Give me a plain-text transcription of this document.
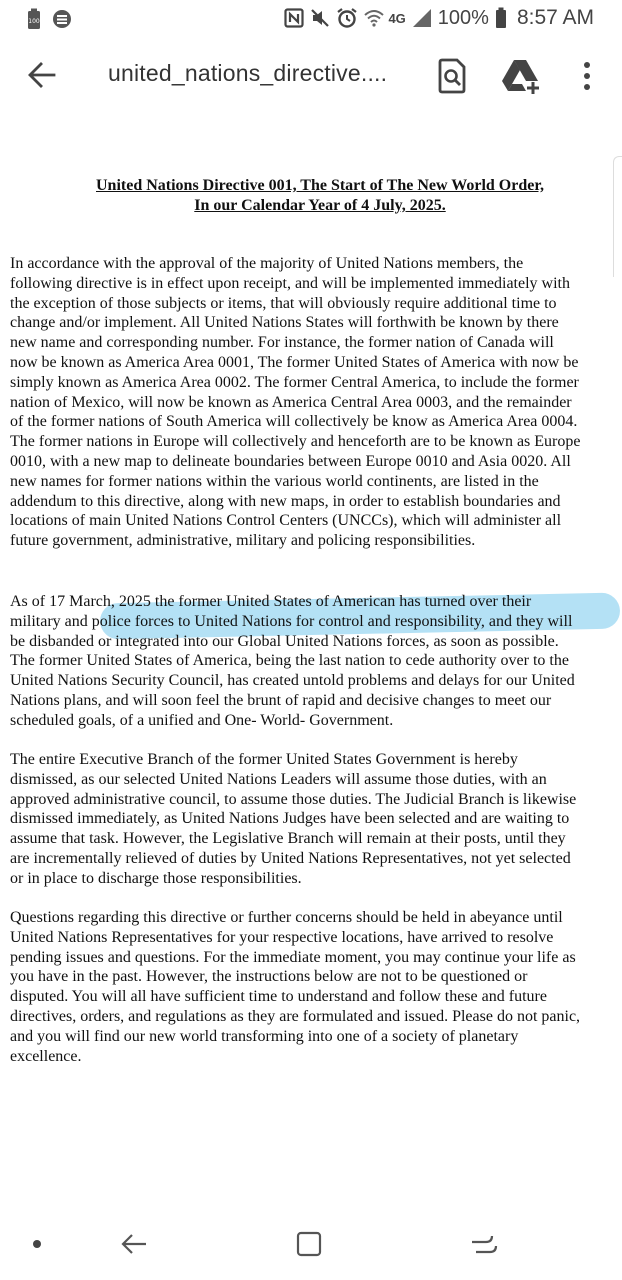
100	4G 100% 8:57 AM
united_nations_directive....
United Nations Directive 001, The Start of The New World Order,
In our Calendar Year of 4 July, 2025.
In accordance with the approval of the majority of United Nations members, the
following directive is in effect upon receipt, and will be implemented immediately with
the exception of those subjects or items, that will obviously require additional time to
change and/or implement. All United Nations States will forthwith be known by there
new name and corresponding number. For instance, the former nation of Canada will
now be known as America Area 0001, The former United States of America with now be
simply known as America Area 0002. The former Central America, to include the former
nation of Mexico, will now be known as America Central Area 0003, and the remainder
of the former nations of South America will collectively be know as America Area 0004.
The former nations in Europe will collectively and henceforth are to be known as Europe
0010, with a new map to delineate boundaries between Europe 0010 and Asia 0020. All
new names for former nations within the various world continents, are listed in the
addendum to this directive, along with new maps, in order to establish boundaries and
locations of main United Nations Control Centers (UNCCs), which will administer all
future government, administrative, military and policing responsibilities.
As of 17 March, 2025 the former United States of American has turned over their
military and police forces to United Nations for control and responsibility, and they will
be disbanded or integrated into our Global United Nations forces, as soon as possible.
The former United States of America, being the last nation to cede authority over to the
United Nations Security Council, has created untold problems and delays for our United
Nations plans, and will soon feel the brunt of rapid and decisive changes to meet our
scheduled goals, of a unified and One- World- Government.
The entire Executive Branch of the former United States Government is hereby
dismissed, as our selected United Nations Leaders will assume those duties, with an
approved administrative council, to assume those duties. The Judicial Branch is likewise
dismissed immediately, as United Nations Judges have been selected and are waiting to
assume that task. However, the Legislative Branch will remain at their posts, until they
are incrementally relieved of duties by United Nations Representatives, not yet selected
or in place to discharge those responsibilities.
Questions regarding this directive or further concerns should be held in abeyance until
United Nations Representatives for your respective locations, have arrived to resolve
pending issues and questions. For the immediate moment, you may continue your life as
you have in the past. However, the instructions below are not to be questioned or
disputed. You will all have sufficient time to understand and follow these and future
directives, orders, and regulations as they are formulated and issued. Please do not panic,
and you will find our new world transforming into one of a society of planetary
excellence.
